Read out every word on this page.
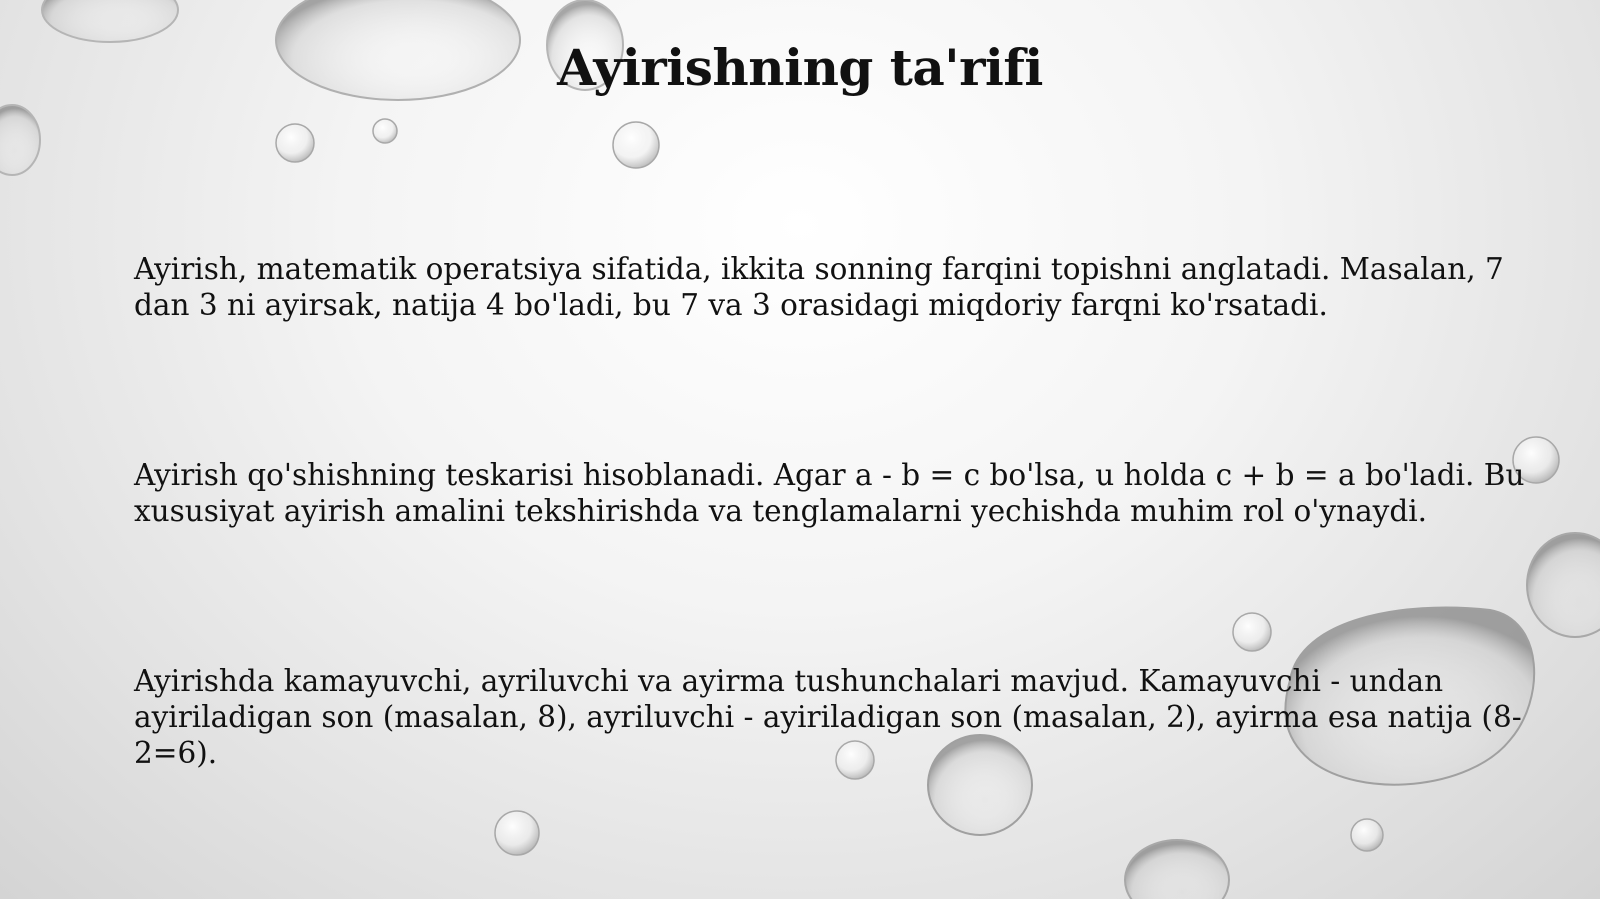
Ayirishning ta'rifi

Ayirish, matematik operatsiya sifatida, ikkita sonning farqini topishni anglatadi. Masalan, 7 dan 3 ni ayirsak, natija 4 bo'ladi, bu 7 va 3 orasidagi miqdoriy farqni ko'rsatadi.

Ayirish qo'shishning teskarisi hisoblanadi. Agar a - b = c bo'lsa, u holda c + b = a bo'ladi. Bu xususiyat ayirish amalini tekshirishda va tenglamalarni yechishda muhim rol o'ynaydi.

Ayirishda kamayuvchi, ayriluvchi va ayirma tushunchalari mavjud. Kamayuvchi - undan ayiriladigan son (masalan, 8), ayriluvchi - ayiriladigan son (masalan, 2), ayirma esa natija (8-2=6).
